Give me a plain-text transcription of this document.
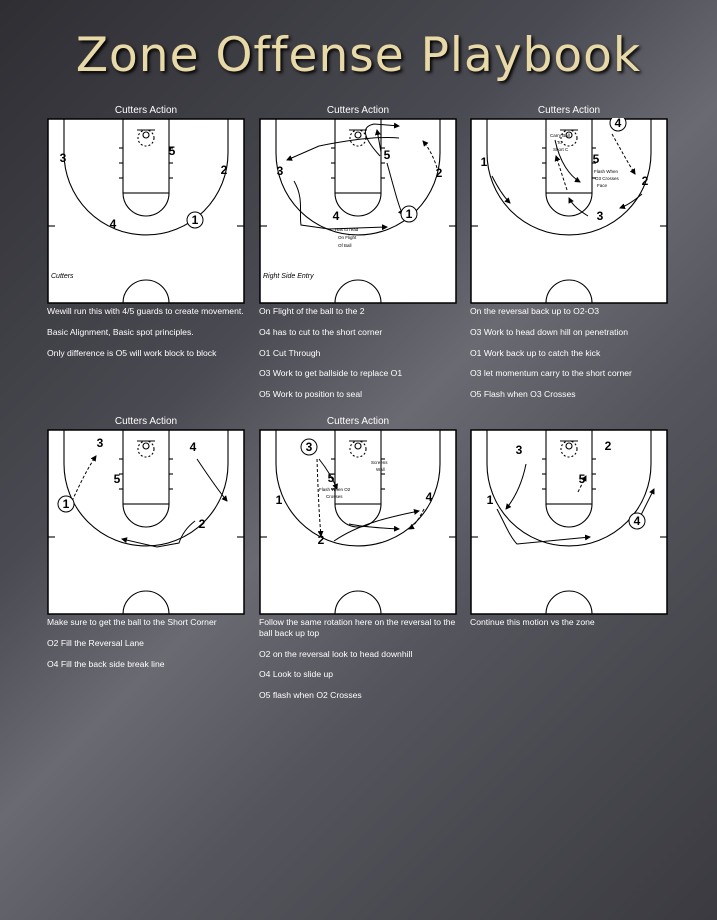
Zone Offense Playbook
Cutters Action
3	5
2
4	1
Cutters

Wewill run this with 4/5 guards to create movement.

Basic Alignment, Basic spot principles.

Only difference is O5 will work block to block

Cutters Action
3
5
2
4	1
Has to read
On Flight
Of Ball
Right Side Entry

On Flight of the ball to the 2

O4 has to cut to the short corner

O1 Cut Through

O3 Work to get ballside to replace O1

O5 Work to position to seal

Cutters Action
1
4
5
2
3
Carry Ball
To
Short C
Flash When
O3 Crosses
Face

On the reversal back up to O2-O3

O3 Work to head down hill on penetration

O1 Work back up to catch the kick

O3 let momentum carry to the short corner

O5 Flash when O3 Crosses

Cutters Action
3	4
5
2
1

Make sure to get the ball to the Short Corner

O2 Fill the Reversal Lane

O4 Fill the back side break line

Cutters Action
3
5
1	4
2
Flash When O2
Crosses
Screens
Wall

Follow the same rotation here on the reversal to the ball back up top

O2 on the reversal look to head downhill

O4 Look to slide up

O5 flash when O2 Crosses

3	2
5
1
4

Continue this motion vs the zone
